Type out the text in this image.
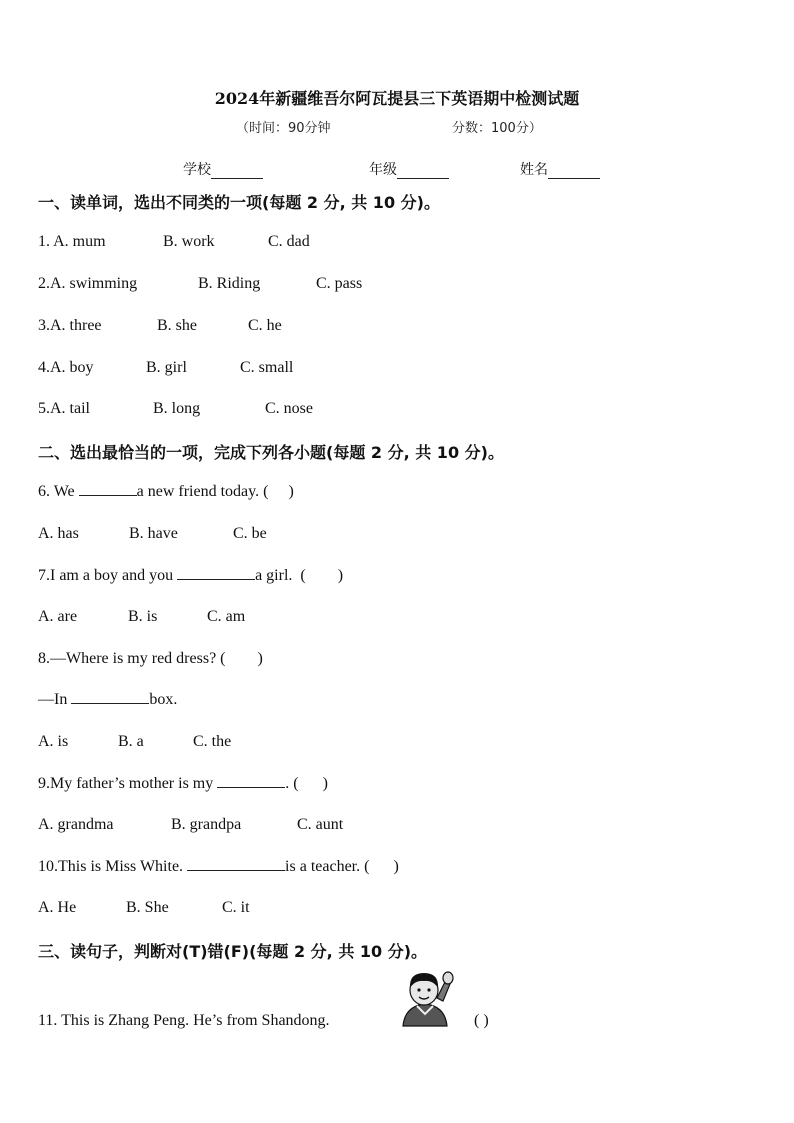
2024年新疆维吾尔阿瓦提县三下英语期中检测试题
（时间：90分钟	分数：100分）
学校	年级	姓名
一、读单词，选出不同类的一项(每题 2 分, 共 10 分)。
1. A. mum	B. work	C. dad
2.A. swimming	B. Riding	C. pass
3.A. three	B. she	C. he
4.A. boy	B. girl	C. small
5.A. tail	B. long	C. nose
二、选出最恰当的一项，完成下列各小题(每题 2 分, 共 10 分)。
6. We	a new friend today. (     )
A. has	B. have	C. be
7.I am a boy and you	a girl.  (        )
A. are	B. is	C. am
8.—Where is my red dress? (        )
—In	box.
A. is	B. a	C. the
9.My father’s mother is my	. (      )
A. grandma	B. grandpa	C. aunt
10.This is Miss White.	is a teacher. (      )
A. He	B. She	C. it
三、读句子，判断对(T)错(F)(每题 2 分, 共 10 分)。
11. This is Zhang Peng. He’s from Shandong.	( )
